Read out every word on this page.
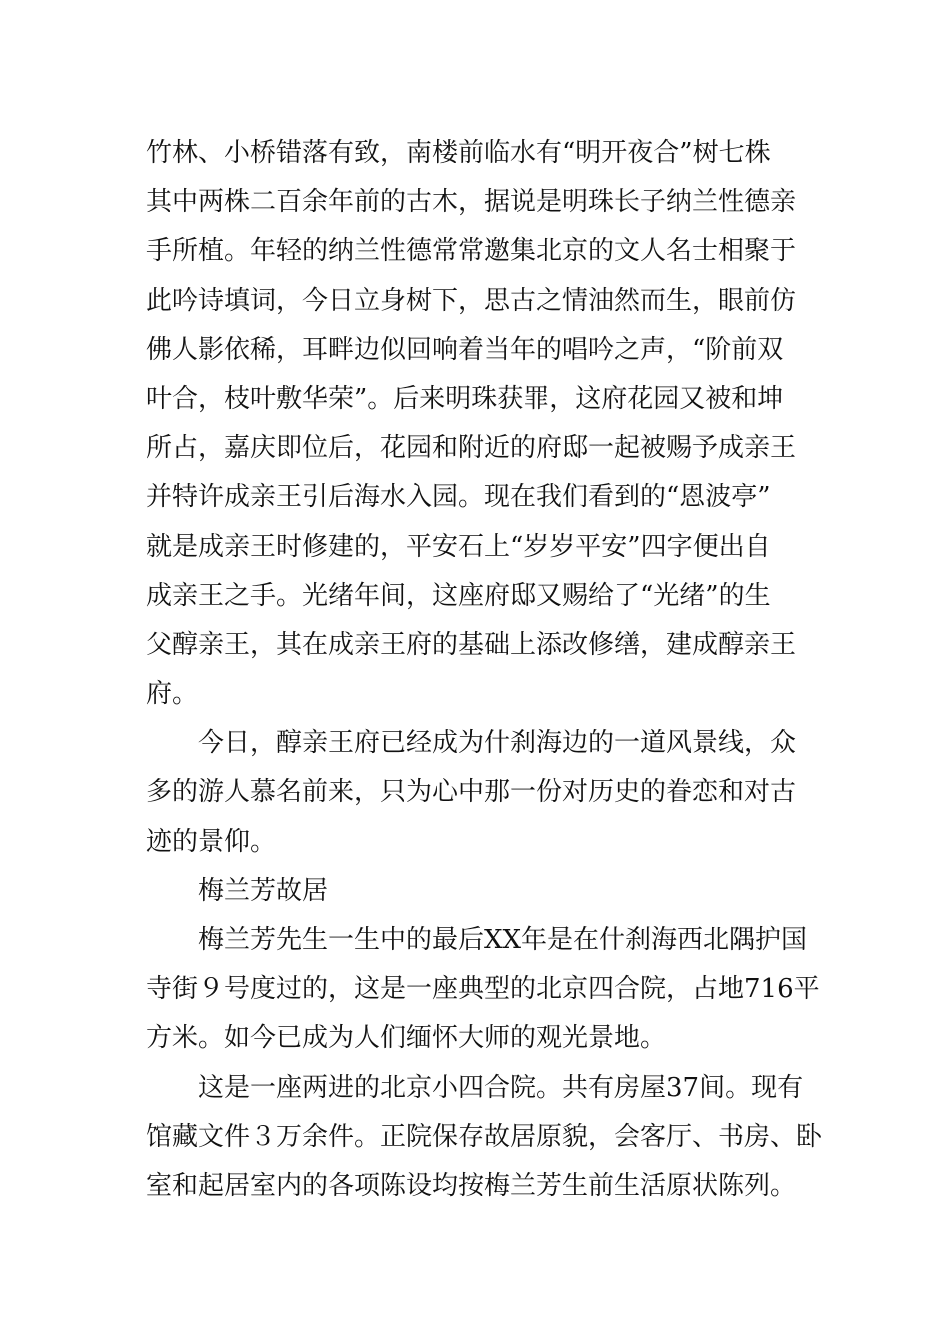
竹林、小桥错落有致，南楼前临水有“明开夜合”树七株
其中两株二百余年前的古木，据说是明珠长子纳兰性德亲
手所植。年轻的纳兰性德常常邀集北京的文人名士相聚于
此吟诗填词，今日立身树下，思古之情油然而生，眼前仿
佛人影依稀，耳畔边似回响着当年的唱吟之声，“阶前双
叶合，枝叶敷华荣”。后来明珠获罪，这府花园又被和坤
所占，嘉庆即位后，花园和附近的府邸一起被赐予成亲王
并特许成亲王引后海水入园。现在我们看到的“恩波亭”
就是成亲王时修建的，平安石上“岁岁平安”四字便出自
成亲王之手。光绪年间，这座府邸又赐给了“光绪”的生
父醇亲王，其在成亲王府的基础上添改修缮，建成醇亲王
府。
今日，醇亲王府已经成为什刹海边的一道风景线，众
多的游人慕名前来，只为心中那一份对历史的眷恋和对古
迹的景仰。
梅兰芳故居
梅兰芳先生一生中的最后XX年是在什刹海西北隅护国
寺街９号度过的，这是一座典型的北京四合院，占地716平
方米。如今已成为人们缅怀大师的观光景地。
这是一座两进的北京小四合院。共有房屋37间。现有
馆藏文件３万余件。正院保存故居原貌，会客厅、书房、卧
室和起居室内的各项陈设均按梅兰芳生前生活原状陈列。
